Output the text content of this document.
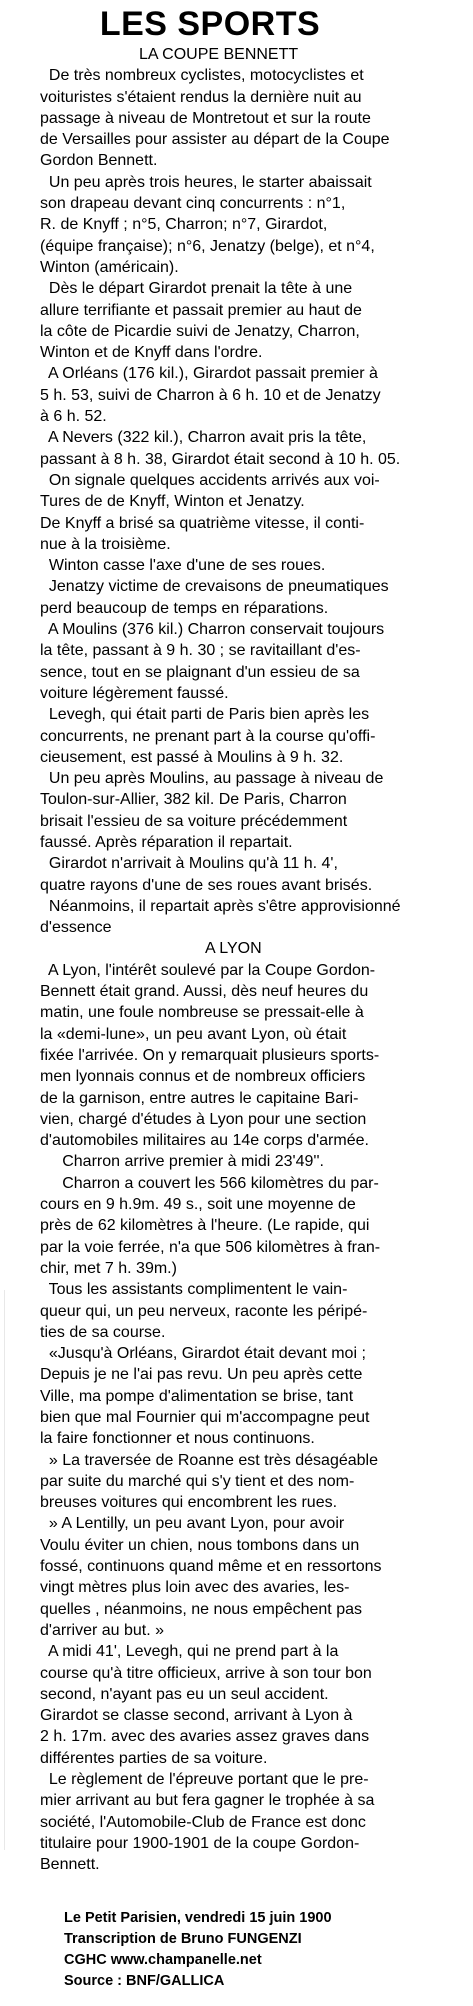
LES SPORTS
LA COUPE BENNETT
De très nombreux cyclistes, motocyclistes et
voituristes s'étaient rendus la dernière nuit au
passage à niveau de Montretout et sur la route
de Versailles pour assister au départ de la Coupe
Gordon Bennett.
Un peu après trois heures, le starter abaissait
son drapeau devant cinq concurrents : n°1,
R. de Knyff ; n°5, Charron; n°7, Girardot,
(équipe française); n°6, Jenatzy (belge), et n°4,
Winton (américain).
Dès le départ Girardot prenait la tête à une
allure terrifiante et passait premier au haut de
la côte de Picardie suivi de Jenatzy, Charron,
Winton et de Knyff dans l'ordre.
A Orléans (176 kil.), Girardot passait premier à
5 h. 53, suivi de Charron à 6 h. 10 et de Jenatzy
à 6 h. 52.
A Nevers (322 kil.), Charron avait pris la tête,
passant à 8 h. 38, Girardot était second à 10 h. 05.
On signale quelques accidents arrivés aux voi-
Tures de de Knyff, Winton et Jenatzy.
De Knyff a brisé sa quatrième vitesse, il conti-
nue à la troisième.
Winton casse l'axe d'une de ses roues.
Jenatzy victime de crevaisons de pneumatiques
perd beaucoup de temps en réparations.
A Moulins (376 kil.) Charron conservait toujours
la tête, passant à 9 h. 30 ; se ravitaillant d'es-
sence, tout en se plaignant d'un essieu de sa
voiture légèrement faussé.
Levegh, qui était parti de Paris bien après les
concurrents, ne prenant part à la course qu'offi-
cieusement, est passé à Moulins à 9 h. 32.
Un peu après Moulins, au passage à niveau de
Toulon-sur-Allier, 382 kil. De Paris, Charron
brisait l'essieu de sa voiture précédemment
faussé. Après réparation il repartait.
Girardot n'arrivait à Moulins qu'à 11 h. 4',
quatre rayons d'une de ses roues avant brisés.
Néanmoins, il repartait après s'être approvisionné
d'essence
A LYON
A Lyon, l'intérêt soulevé par la Coupe Gordon-
Bennett était grand. Aussi, dès neuf heures du
matin, une foule nombreuse se pressait-elle à
la «demi-lune», un peu avant Lyon, où était
fixée l'arrivée. On y remarquait plusieurs sports-
men lyonnais connus et de nombreux officiers
de la garnison, entre autres le capitaine Bari-
vien, chargé d'études à Lyon pour une section
d'automobiles militaires au 14e corps d'armée.
Charron arrive premier à midi 23'49''.
Charron a couvert les 566 kilomètres du par-
cours en 9 h.9m. 49 s., soit une moyenne de
près de 62 kilomètres à l'heure. (Le rapide, qui
par la voie ferrée, n'a que 506 kilomètres à fran-
chir, met 7 h. 39m.)
Tous les assistants complimentent le vain-
queur qui, un peu nerveux, raconte les péripé-
ties de sa course.
«Jusqu'à Orléans, Girardot était devant moi ;
Depuis je ne l'ai pas revu. Un peu après cette
Ville, ma pompe d'alimentation se brise, tant
bien que mal Fournier qui m'accompagne peut
la faire fonctionner et nous continuons.
» La traversée de Roanne est très désagéable
par suite du marché qui s'y tient et des nom-
breuses voitures qui encombrent les rues.
» A Lentilly, un peu avant Lyon, pour avoir
Voulu éviter un chien, nous tombons dans un
fossé, continuons quand même et en ressortons
vingt mètres plus loin avec des avaries, les-
quelles , néanmoins, ne nous empêchent pas
d'arriver au but. »
A midi 41', Levegh, qui ne prend part à la
course qu'à titre officieux, arrive à son tour bon
second, n'ayant pas eu un seul accident.
Girardot se classe second, arrivant à Lyon à
2 h. 17m. avec des avaries assez graves dans
différentes parties de sa voiture.
Le règlement de l'épreuve portant que le pre-
mier arrivant au but fera gagner le trophée à sa
société, l'Automobile-Club de France est donc
titulaire pour 1900-1901 de la coupe Gordon-
Bennett.
Le Petit Parisien, vendredi 15 juin 1900
Transcription de Bruno FUNGENZI
CGHC www.champanelle.net
Source : BNF/GALLICA
